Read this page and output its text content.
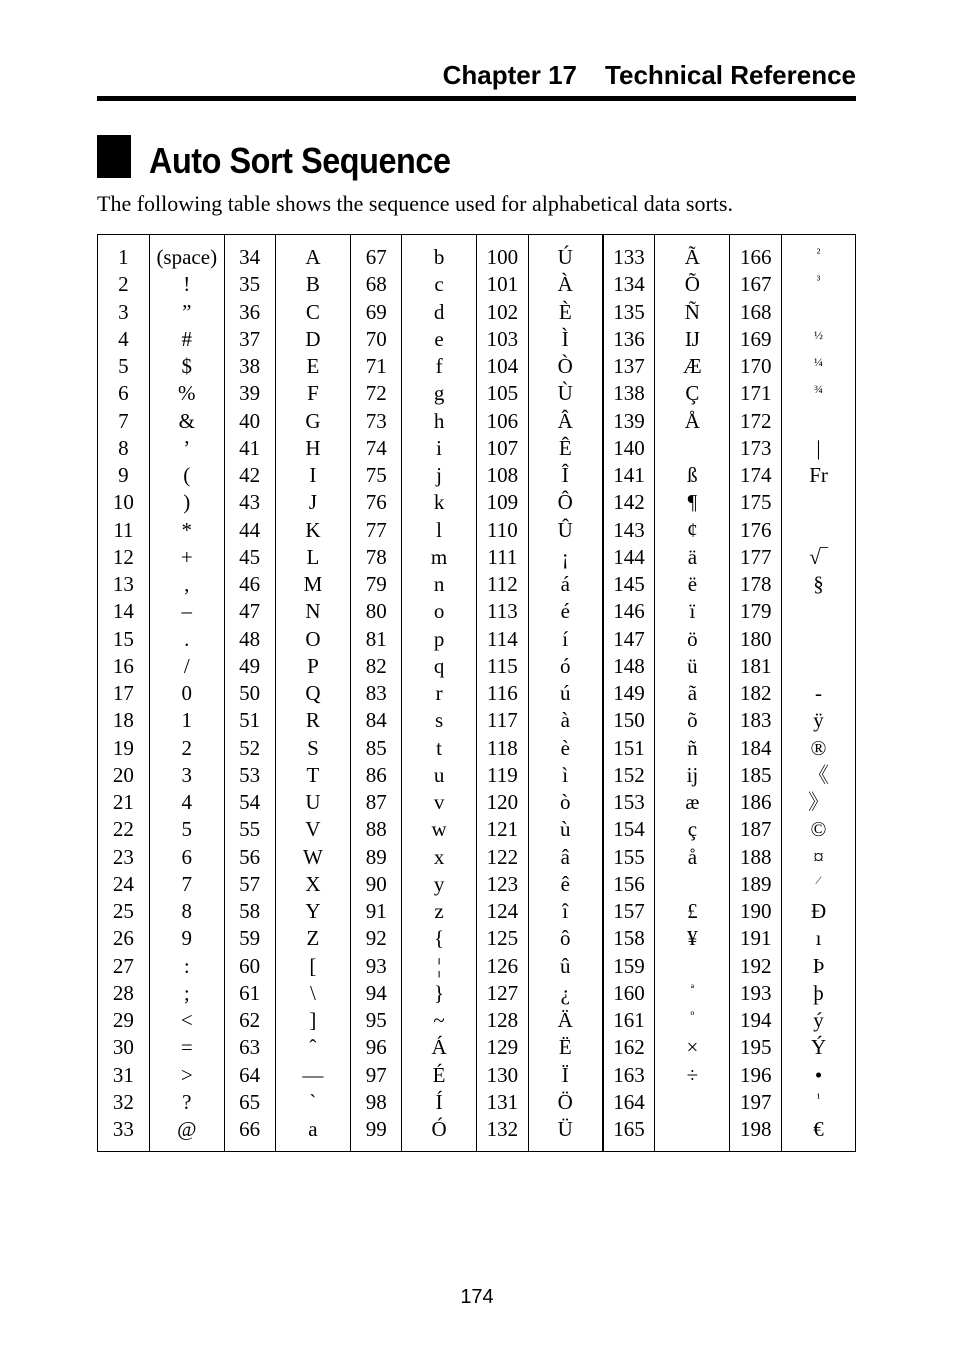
Chapter 17 Technical Reference
Auto Sort Sequence
The following table shows the sequence used for alphabetical data sorts.
1
2
3
4
5
6
7
8
9
10
11
12
13
14
15
16
17
18
19
20
21
22
23
24
25
26
27
28
29
30
31
32
33
(space)
!
”
#
$
%
&
’
(
)
*
+
,
–
.
/
0
1
2
3
4
5
6
7
8
9
:
;
<
=
>
?
@
34
35
36
37
38
39
40
41
42
43
44
45
46
47
48
49
50
51
52
53
54
55
56
57
58
59
60
61
62
63
64
65
66
A
B
C
D
E
F
G
H
I
J
K
L
M
N
O
P
Q
R
S
T
U
V
W
X
Y
Z
[
\
]
ˆ
—
ˋ
a
67
68
69
70
71
72
73
74
75
76
77
78
79
80
81
82
83
84
85
86
87
88
89
90
91
92
93
94
95
96
97
98
99
b
c
d
e
f
g
h
i
j
k
l
m
n
o
p
q
r
s
t
u
v
w
x
y
z
{
¦
}
~
Á
É
Í
Ó
100
101
102
103
104
105
106
107
108
109
110
111
112
113
114
115
116
117
118
119
120
121
122
123
124
125
126
127
128
129
130
131
132
Ú
À
È
Ì
Ò
Ù
Â
Ê
Î
Ô
Û
¡
á
é
í
ó
ú
à
è
ì
ò
ù
â
ê
î
ô
û
¿
Ä
Ë
Ï
Ö
Ü
133
134
135
136
137
138
139
140
141
142
143
144
145
146
147
148
149
150
151
152
153
154
155
156
157
158
159
160
161
162
163
164
165
Ã
Õ
Ñ
Ĳ
Æ
Ç
Å
ß
¶
¢
ä
ë
ï
ö
ü
ã
õ
ñ
ĳ
æ
ç
å
£
¥
ª
º
×
÷
166
167
168
169
170
171
172
173
174
175
176
177
178
179
180
181
182
183
184
185
186
187
188
189
190
191
192
193
194
195
196
197
198
²
³
½
¼
¾
|
Fr
√‾
§
-
ÿ
®
《
》
©
¤
⁄
Đ
ı
Þ
þ
ý
Ý
•
¹
€
174
